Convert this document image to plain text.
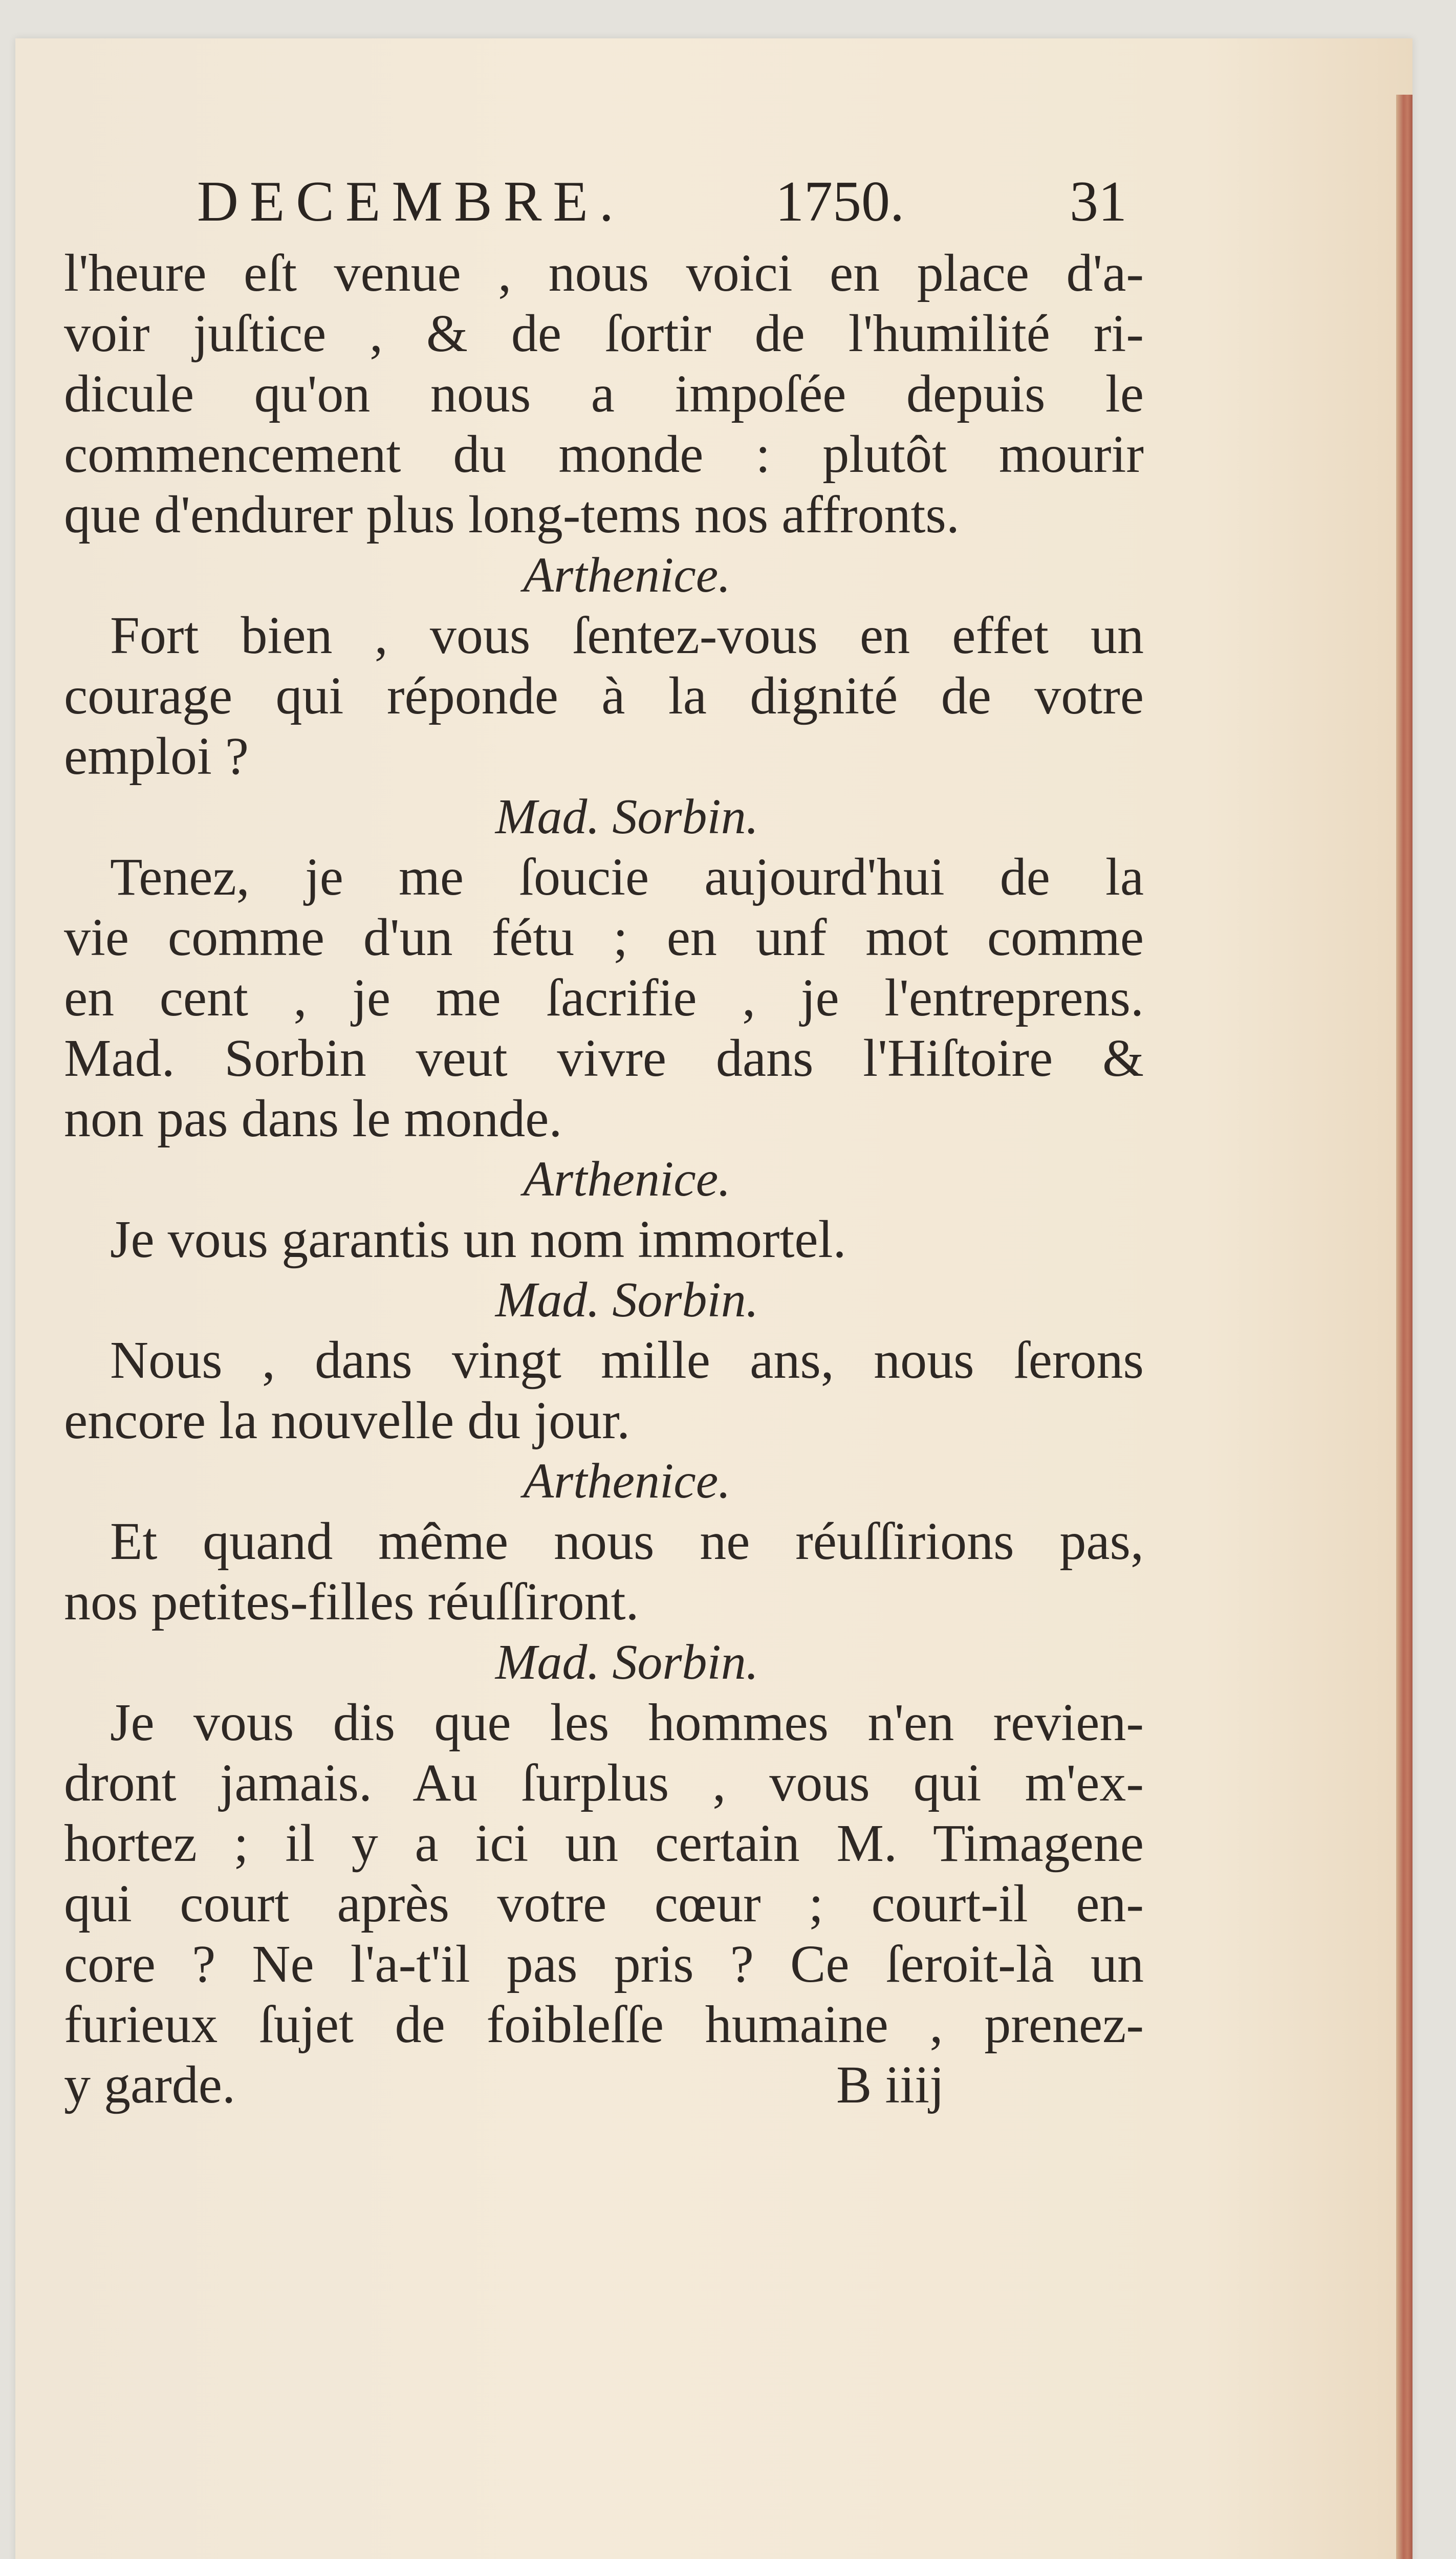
DECEMBRE.	1750.	31
l'heure eſt venue , nous voici en place d'a-
voir juſtice , & de ſortir de l'humilité ri-
dicule qu'on nous a impoſée depuis le
commencement du monde : plutôt mourir
que d'endurer plus long-tems nos affronts.
Arthenice.
Fort bien , vous ſentez-vous en effet un
courage qui réponde à la dignité de votre
emploi ?
Mad. Sorbin.
Tenez, je me ſoucie aujourd'hui de la
vie comme d'un fétu ; en unf mot comme
en cent , je me ſacrifie , je l'entreprens.
Mad. Sorbin veut vivre dans l'Hiſtoire &
non pas dans le monde.
Arthenice.
Je vous garantis un nom immortel.
Mad. Sorbin.
Nous , dans vingt mille ans, nous ſerons
encore la nouvelle du jour.
Arthenice.
Et quand même nous ne réuſſirions pas,
nos petites-filles réuſſiront.
Mad. Sorbin.
Je vous dis que les hommes n'en revien-
dront jamais. Au ſurplus , vous qui m'ex-
hortez ; il y a ici un certain M. Timagene
qui court après votre cœur ; court-il en-
core ? Ne l'a-t'il pas pris ? Ce ſeroit-là un
furieux ſujet de foibleſſe humaine , prenez-
y garde.	B iiij
